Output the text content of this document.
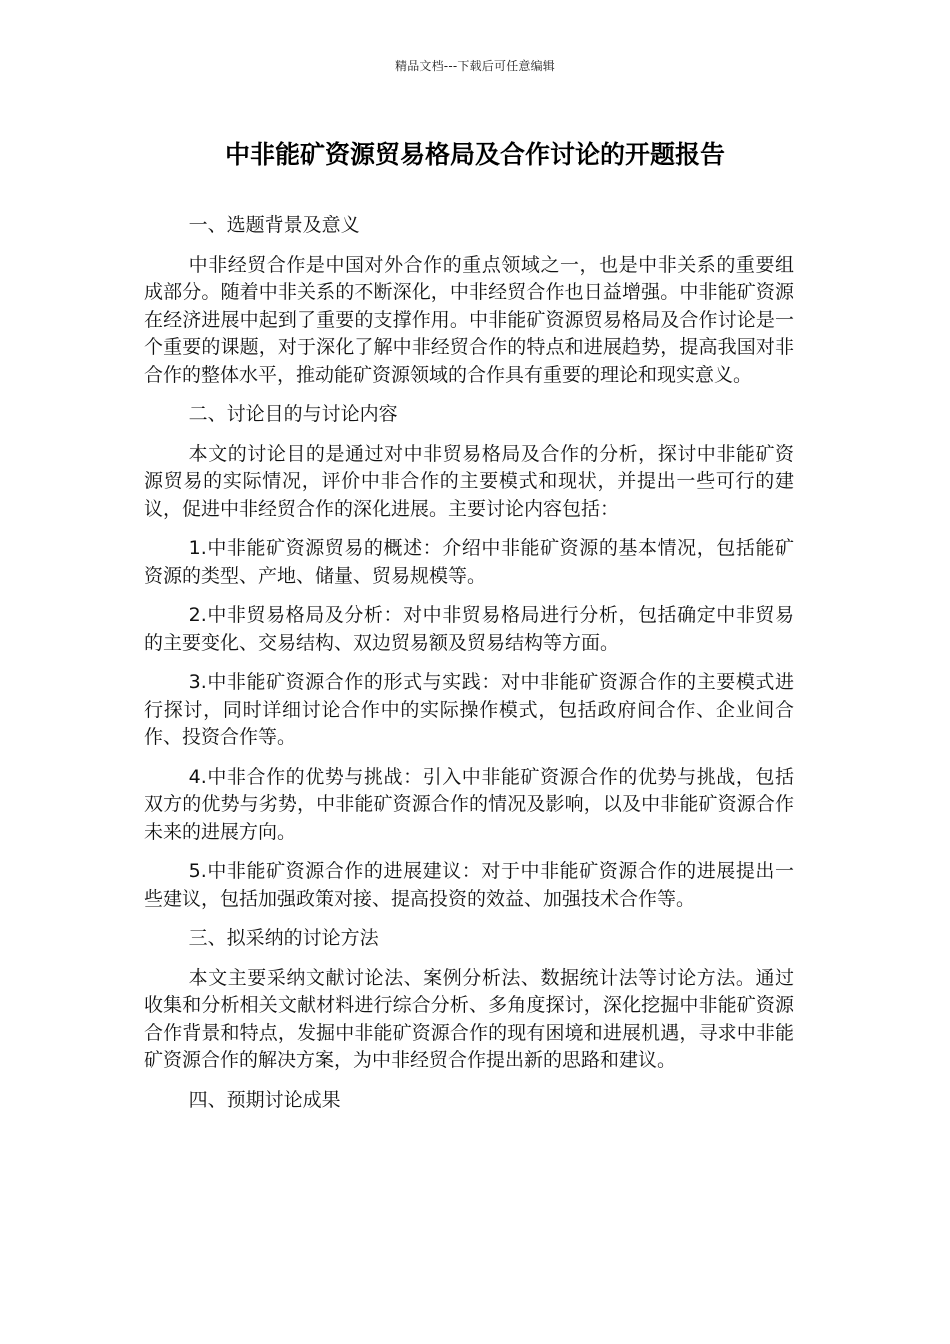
精品文档---下载后可任意编辑
中非能矿资源贸易格局及合作讨论的开题报告

一、选题背景及意义

中非经贸合作是中国对外合作的重点领域之一，也是中非关系的重要组成部分。随着中非关系的不断深化，中非经贸合作也日益增强。中非能矿资源在经济进展中起到了重要的支撑作用。中非能矿资源贸易格局及合作讨论是一个重要的课题，对于深化了解中非经贸合作的特点和进展趋势，提高我国对非合作的整体水平，推动能矿资源领域的合作具有重要的理论和现实意义。

二、讨论目的与讨论内容

本文的讨论目的是通过对中非贸易格局及合作的分析，探讨中非能矿资源贸易的实际情况，评价中非合作的主要模式和现状，并提出一些可行的建议，促进中非经贸合作的深化进展。主要讨论内容包括：

1.中非能矿资源贸易的概述：介绍中非能矿资源的基本情况，包括能矿资源的类型、产地、储量、贸易规模等。

2.中非贸易格局及分析：对中非贸易格局进行分析，包括确定中非贸易的主要变化、交易结构、双边贸易额及贸易结构等方面。

3.中非能矿资源合作的形式与实践：对中非能矿资源合作的主要模式进行探讨，同时详细讨论合作中的实际操作模式，包括政府间合作、企业间合作、投资合作等。

4.中非合作的优势与挑战：引入中非能矿资源合作的优势与挑战，包括双方的优势与劣势，中非能矿资源合作的情况及影响，以及中非能矿资源合作未来的进展方向。

5.中非能矿资源合作的进展建议：对于中非能矿资源合作的进展提出一些建议，包括加强政策对接、提高投资的效益、加强技术合作等。

三、拟采纳的讨论方法

本文主要采纳文献讨论法、案例分析法、数据统计法等讨论方法。通过收集和分析相关文献材料进行综合分析、多角度探讨，深化挖掘中非能矿资源合作背景和特点，发掘中非能矿资源合作的现有困境和进展机遇，寻求中非能矿资源合作的解决方案，为中非经贸合作提出新的思路和建议。

四、预期讨论成果
